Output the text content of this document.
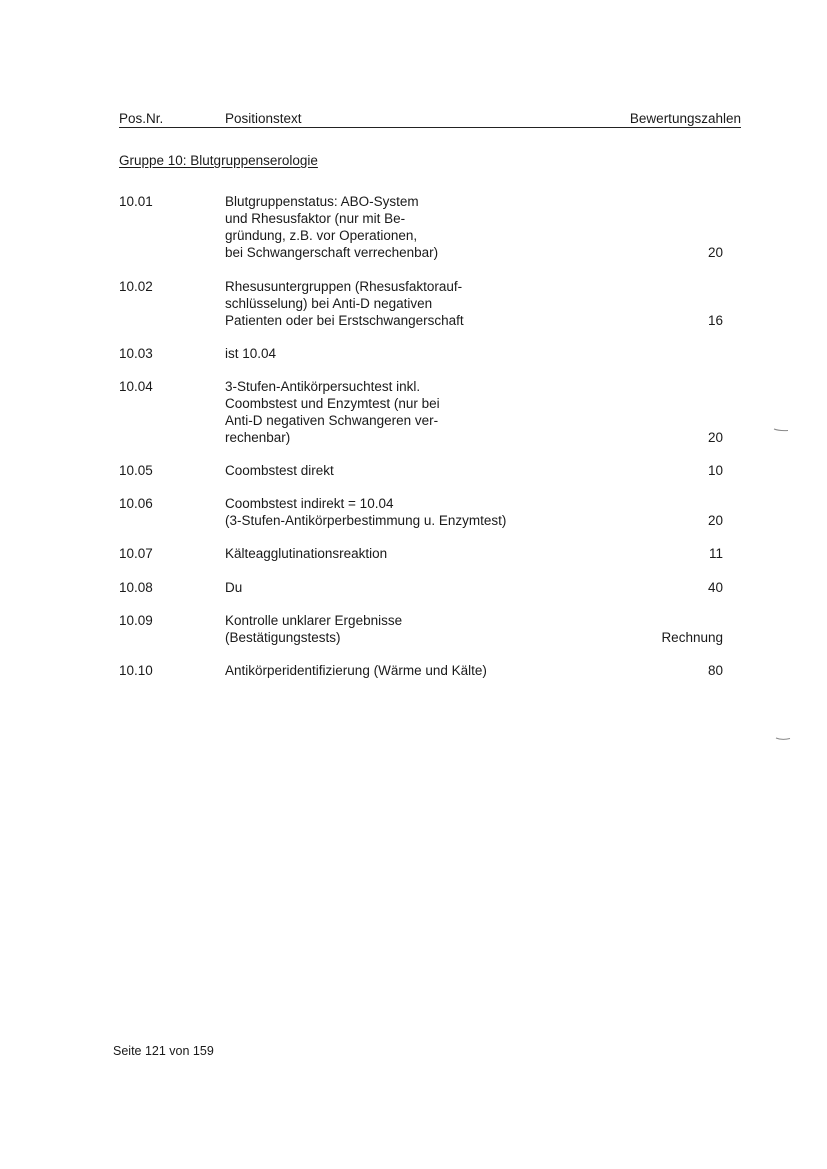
Pos.Nr.	Positionstext	Bewertungszahlen
Gruppe 10: Blutgruppenserologie
10.01	Blutgruppenstatus: ABO-System
und Rhesusfaktor (nur mit Be-
gründung, z.B. vor Operationen,
bei Schwangerschaft verrechenbar)	20
10.02	Rhesusuntergruppen (Rhesusfaktorauf-
schlüsselung) bei Anti-D negativen
Patienten oder bei Erstschwangerschaft	16
10.03	ist 10.04
10.04	3-Stufen-Antikörpersuchtest inkl.
Coombstest und Enzymtest (nur bei
Anti-D negativen Schwangeren ver-
rechenbar)	20
10.05	Coombstest direkt	10
10.06	Coombstest indirekt = 10.04
(3-Stufen-Antikörperbestimmung u. Enzymtest)	20
10.07	Kälteagglutinationsreaktion	11
10.08	Du	40
10.09	Kontrolle unklarer Ergebnisse
(Bestätigungstests)	Rechnung
10.10	Antikörperidentifizierung (Wärme und Kälte)	80
Seite 121 von 159
